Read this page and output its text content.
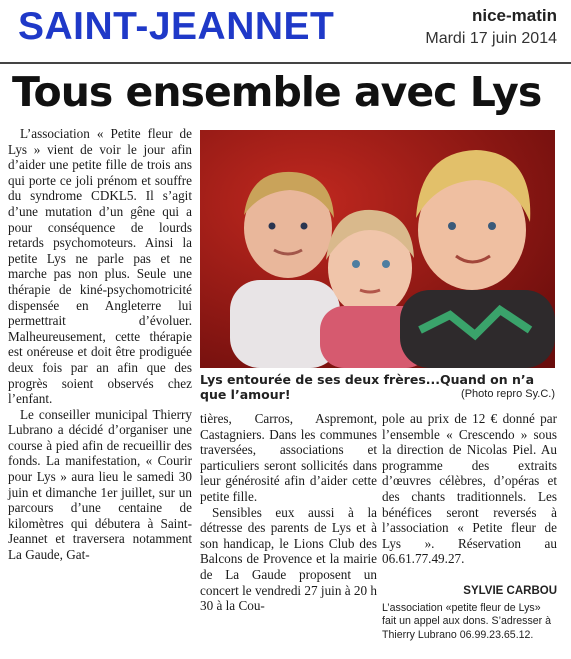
SAINT-JEANNET	nice-matin
Mardi 17 juin 2014
Tous ensemble avec Lys

L’association « Petite fleur de Lys » vient de voir le jour afin d’aider une petite fille de trois ans qui porte ce joli prénom et souffre du syndrome CDKL5. Il s’agit d’une mutation d’un gêne qui a pour conséquence de lourds retards psychomoteurs. Ainsi la petite Lys ne parle pas et ne marche pas non plus. Seule une thérapie de kiné-psychomotricité dispensée en Angleterre lui permettrait d’évoluer. Malheureusement, cette thérapie est onéreuse et doit être prodiguée deux fois par an afin que des progrès soient observés chez l’enfant.

Le conseiller municipal Thierry Lubrano a décidé d’organiser une course à pied afin de recueillir des fonds. La manifestation, « Courir pour Lys » aura lieu le samedi 30 juin et dimanche 1er juillet, sur un parcours d’une centaine de kilomètres qui débutera à Saint-Jeannet et traversera notamment La Gaude, Gat-

Lys entourée de ses deux frères...Quand on n’a que l’amour!	(Photo repro Sy.C.)

tières, Carros, Aspremont, Castagniers. Dans les communes traversées, associations et particuliers seront sollicités dans leur générosité afin d’aider cette petite fille.

Sensibles eux aussi à la détresse des parents de Lys et à son handicap, le Lions Club des Balcons de Provence et la mairie de La Gaude proposent un concert le vendredi 27 juin à 20 h 30 à la Cou-

pole au prix de 12 € donné par l’ensemble « Crescendo » sous la direction de Nicolas Piel. Au programme des extraits d’œuvres célèbres, d’opéras et des chants traditionnels. Les bénéfices seront reversés à l’association « Petite fleur de Lys ». Réservation au 06.61.77.49.27.

SYLVIE CARBOU
L’association «petite fleur de Lys» fait un appel aux dons. S’adresser à Thierry Lubrano 06.99.23.65.12.
